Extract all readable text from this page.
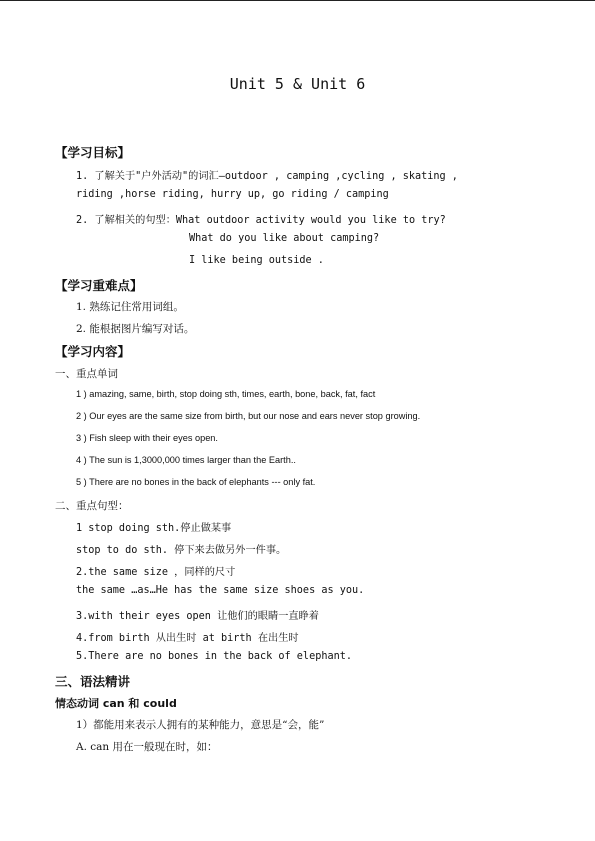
Unit 5 & Unit 6
【学习目标】
1. 了解关于"户外活动"的词汇—outdoor , camping ,cycling , skating ,
riding ,horse riding, hurry up, go riding / camping
2. 了解相关的句型：What outdoor activity would you like to try?
What do you like about camping?
I like being outside .
【学习重难点】
1. 熟练记住常用词组。
2. 能根据图片编写对话。
【学习内容】
一、重点单词
1 ) amazing, same, birth, stop doing sth, times, earth, bone, back, fat, fact
2 ) Our eyes are the same size from birth, but our nose and ears never stop growing.
3 ) Fish sleep with their eyes open.
4 ) The sun is 1,3000,000 times larger than the Earth..
5 ) There are no bones in the back of elephants --- only fat.
二、重点句型：
1 stop doing sth.停止做某事
stop to do sth. 停下来去做另外一件事。
2.the same size ，同样的尺寸
the same …as…He has the same size shoes as you.
3.with their eyes open 让他们的眼睛一直睁着
4.from birth 从出生时 at birth 在出生时
5.There are no bones in the back of elephant.
三、语法精讲
情态动词 can 和 could
1）都能用来表示人拥有的某种能力，意思是“会，能”
A. can 用在一般现在时，如：
